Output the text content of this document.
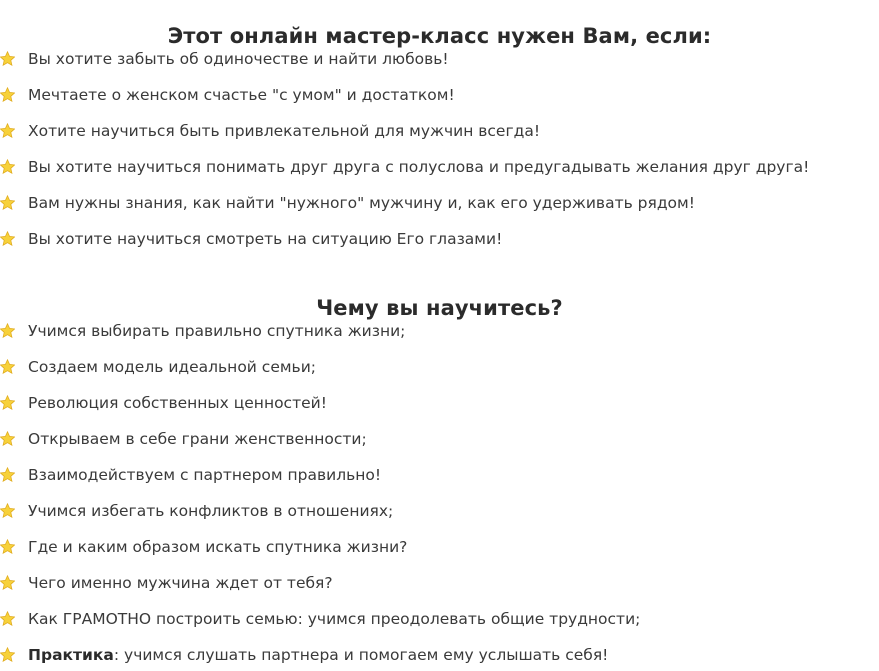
Этот онлайн мастер-класс нужен Вам, если:
Вы хотите забыть об одиночестве и найти любовь!
Мечтаете о женском счастье "с умом" и достатком!
Хотите научиться быть привлекательной для мужчин всегда!
Вы хотите научиться понимать друг друга с полуслова и предугадывать желания друг друга!
Вам нужны знания, как найти "нужного" мужчину и, как его удерживать рядом!
Вы хотите научиться смотреть на ситуацию Его глазами!
Чему вы научитесь?
Учимся выбирать правильно спутника жизни;
Создаем модель идеальной семьи;
Революция собственных ценностей!
Открываем в себе грани женственности;
Взаимодействуем с партнером правильно!
Учимся избегать конфликтов в отношениях;
Где и каким образом искать спутника жизни?
Чего именно мужчина ждет от тебя?
Как ГРАМОТНО построить семью: учимся преодолевать общие трудности;
Практика: учимся слушать партнера и помогаем ему услышать себя!
